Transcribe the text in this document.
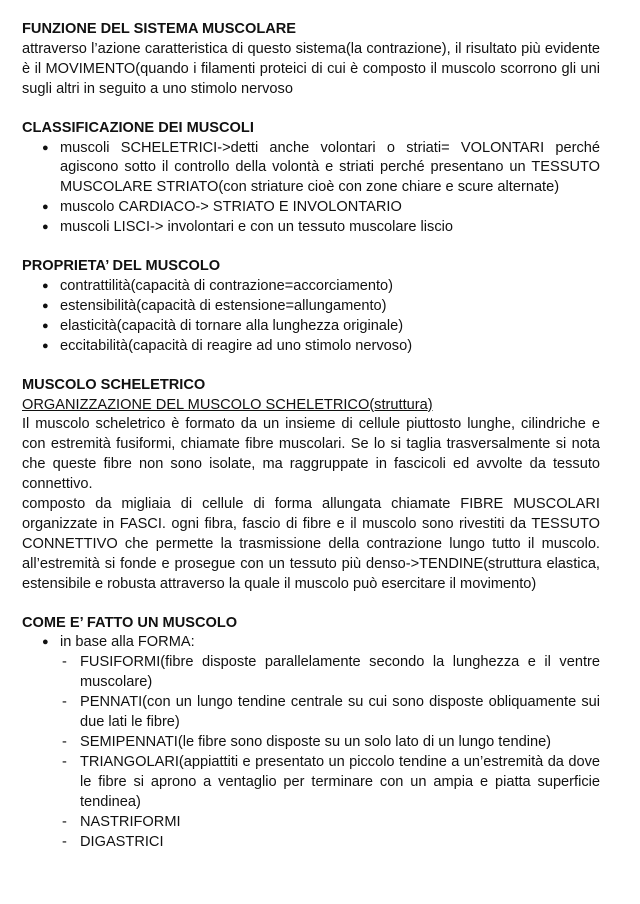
FUNZIONE DEL SISTEMA MUSCOLARE

attraverso l’azione caratteristica di questo sistema(la contrazione), il risultato più evidente è il MOVIMENTO(quando i filamenti proteici di cui è composto il muscolo scorrono gli uni sugli altri in seguito a uno stimolo nervoso

CLASSIFICAZIONE DEI MUSCOLI
● muscoli SCHELETRICI->detti anche volontari o striati= VOLONTARI perché agiscono sotto il controllo della volontà e striati perché presentano un TESSUTO MUSCOLARE STRIATO(con striature cioè con zone chiare e scure alternate)
● muscolo CARDIACO-> STRIATO E INVOLONTARIO
● muscoli LISCI-> involontari e con un tessuto muscolare liscio
PROPRIETA’ DEL MUSCOLO
● contrattilità(capacità di contrazione=accorciamento)
● estensibilità(capacità di estensione=allungamento)
● elasticità(capacità di tornare alla lunghezza originale)
● eccitabilità(capacità di reagire ad uno stimolo nervoso)
MUSCOLO SCHELETRICO

ORGANIZZAZIONE DEL MUSCOLO SCHELETRICO(struttura)

Il muscolo scheletrico è formato da un insieme di cellule piuttosto lunghe, cilindriche e con estremità fusiformi, chiamate fibre muscolari. Se lo si taglia trasversalmente si nota che queste fibre non sono isolate, ma raggruppate in fascicoli ed avvolte da tessuto connettivo.

composto da migliaia di cellule di forma allungata chiamate FIBRE MUSCOLARI organizzate in FASCI. ogni fibra, fascio di fibre e il muscolo sono rivestiti da TESSUTO CONNETTIVO che permette la trasmissione della contrazione lungo tutto il muscolo. all’estremità si fonde e prosegue con un tessuto più denso->TENDINE(struttura elastica, estensibile e robusta attraverso la quale il muscolo può esercitare il movimento)

COME E’ FATTO UN MUSCOLO
● in base alla FORMA:
- FUSIFORMI(fibre disposte parallelamente secondo la lunghezza e il ventre muscolare)
- PENNATI(con un lungo tendine centrale su cui sono disposte obliquamente sui due lati le fibre)
- SEMIPENNATI(le fibre sono disposte su un solo lato di un lungo tendine)
- TRIANGOLARI(appiattiti e presentato un piccolo tendine a un’estremità da dove le fibre si aprono a ventaglio per terminare con un ampia e piatta superficie tendinea)
- NASTRIFORMI
- DIGASTRICI
